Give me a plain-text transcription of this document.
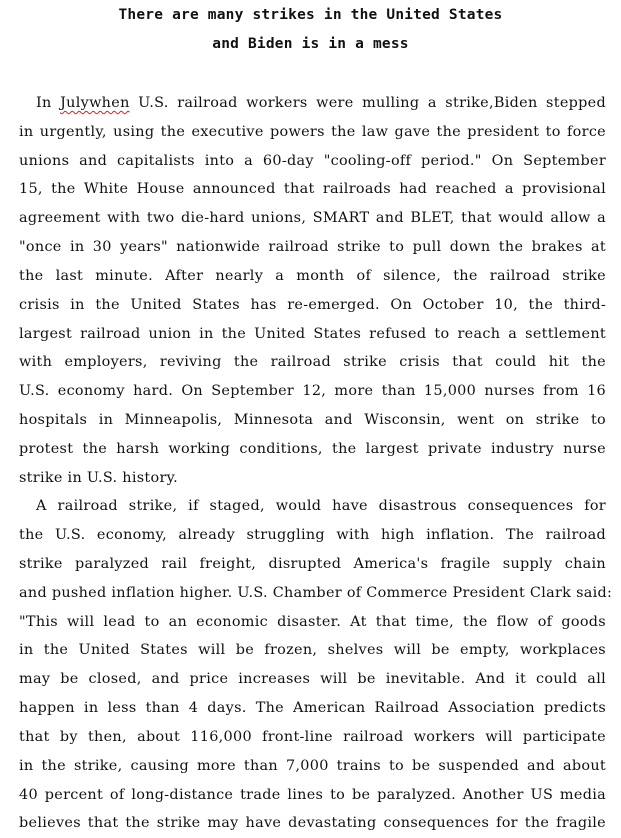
There are many strikes in the United States
and Biden is in a mess
In Julywhen U.S. railroad workers were mulling a strike,Biden stepped
in urgently, using the executive powers the law gave the president to force
unions and capitalists into a 60-day "cooling-off period." On September
15, the White House announced that railroads had reached a provisional
agreement with two die-hard unions, SMART and BLET, that would allow a
"once in 30 years" nationwide railroad strike to pull down the brakes at
the last minute. After nearly a month of silence, the railroad strike
crisis in the United States has re-emerged. On October 10, the third-
largest railroad union in the United States refused to reach a settlement
with employers, reviving the railroad strike crisis that could hit the
U.S. economy hard. On September 12, more than 15,000 nurses from 16
hospitals in Minneapolis, Minnesota and Wisconsin, went on strike to
protest the harsh working conditions, the largest private industry nurse
strike in U.S. history.
A railroad strike, if staged, would have disastrous consequences for
the U.S. economy, already struggling with high inflation. The railroad
strike paralyzed rail freight, disrupted America's fragile supply chain
and pushed inflation higher. U.S. Chamber of Commerce President Clark said:
"This will lead to an economic disaster. At that time, the flow of goods
in the United States will be frozen, shelves will be empty, workplaces
may be closed, and price increases will be inevitable. And it could all
happen in less than 4 days. The American Railroad Association predicts
that by then, about 116,000 front-line railroad workers will participate
in the strike, causing more than 7,000 trains to be suspended and about
40 percent of long-distance trade lines to be paralyzed. Another US media
believes that the strike may have devastating consequences for the fragile
